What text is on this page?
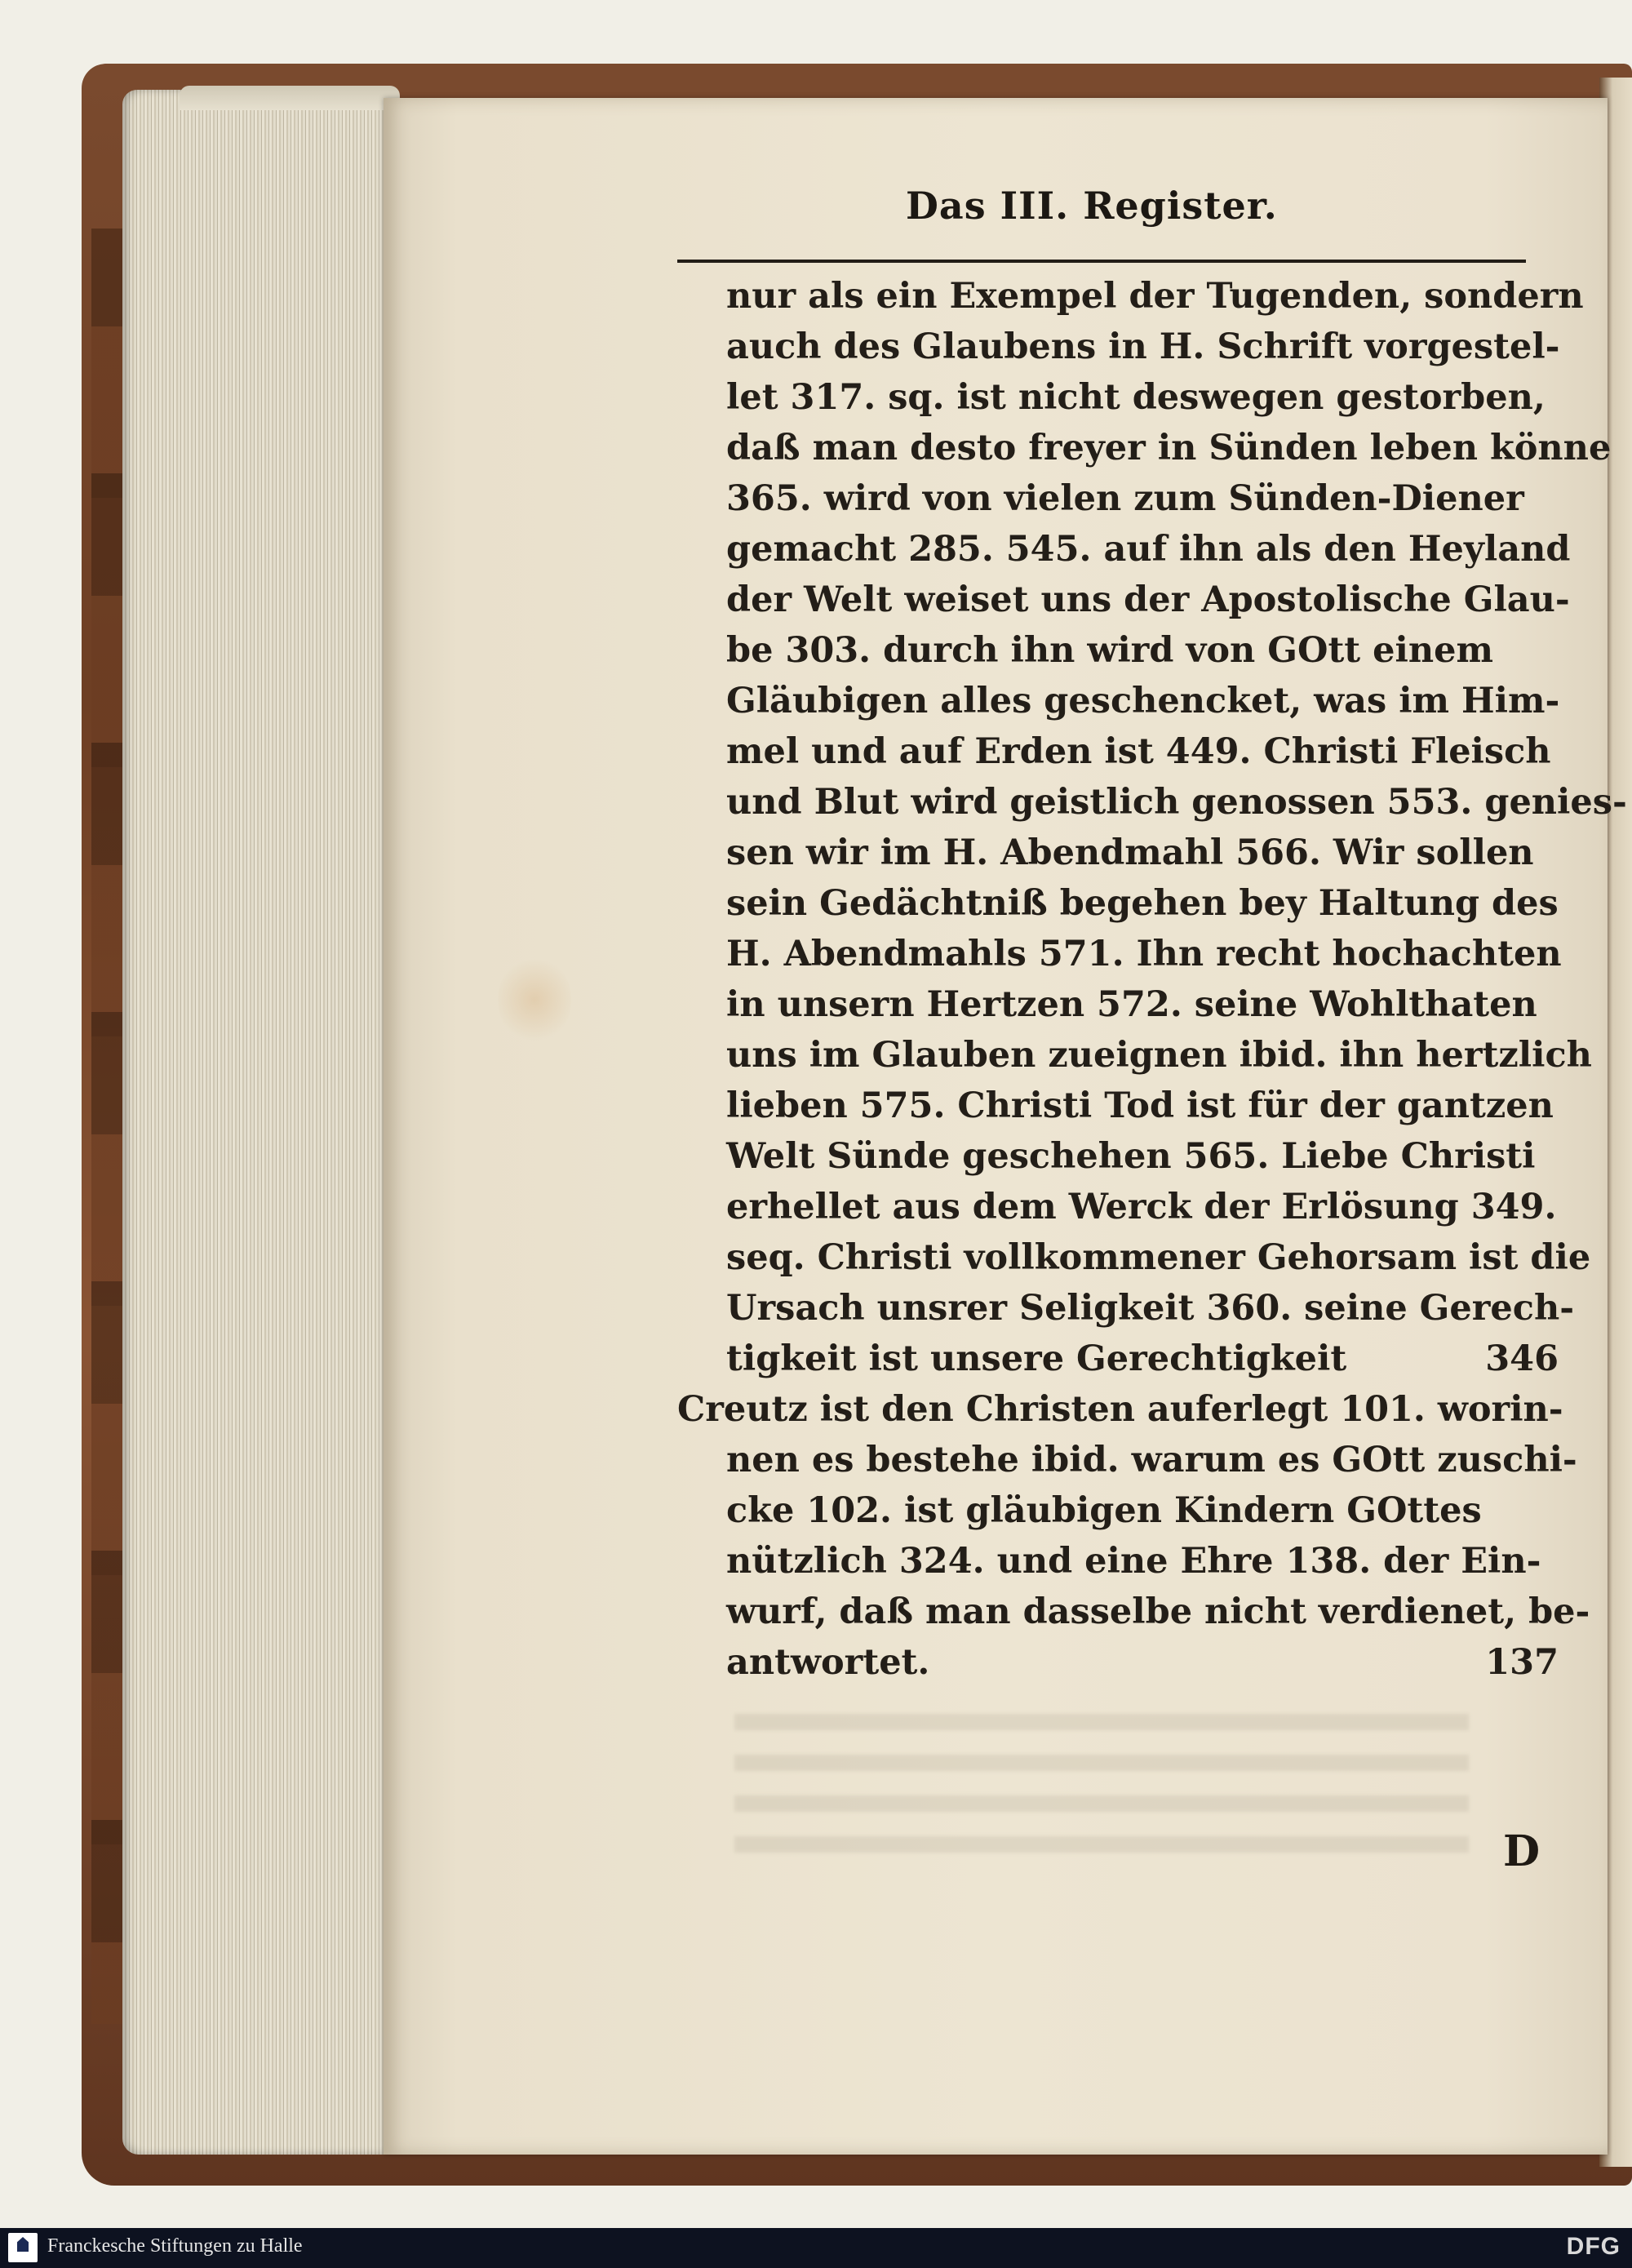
Das III. Register.
nur als ein Exempel der Tugenden, sondern
auch des Glaubens in H. Schrift vorgestel-
let 317. sq. ist nicht deswegen gestorben,
daß man desto freyer in Sünden leben könne
365. wird von vielen zum Sünden-Diener
gemacht 285. 545. auf ihn als den Heyland
der Welt weiset uns der Apostolische Glau-
be 303. durch ihn wird von GOtt einem
Gläubigen alles geschencket, was im Him-
mel und auf Erden ist 449. Christi Fleisch
und Blut wird geistlich genossen 553. genies-
sen wir im H. Abendmahl 566. Wir sollen
sein Gedächtniß begehen bey Haltung des
H. Abendmahls 571. Ihn recht hochachten
in unsern Hertzen 572. seine Wohlthaten
uns im Glauben zueignen ibid. ihn hertzlich
lieben 575. Christi Tod ist für der gantzen
Welt Sünde geschehen 565. Liebe Christi
erhellet aus dem Werck der Erlösung 349.
seq. Christi vollkommener Gehorsam ist die
Ursach unsrer Seligkeit 360. seine Gerech-
tigkeit ist unsere Gerechtigkeit	346
Creutz ist den Christen auferlegt 101. worin-
nen es bestehe ibid. warum es GOtt zuschi-
cke 102. ist gläubigen Kindern GOttes
nützlich 324. und eine Ehre 138. der Ein-
wurf, daß man dasselbe nicht verdienet, be-
antwortet.	137
D
Franckesche Stiftungen zu Halle	DFG
